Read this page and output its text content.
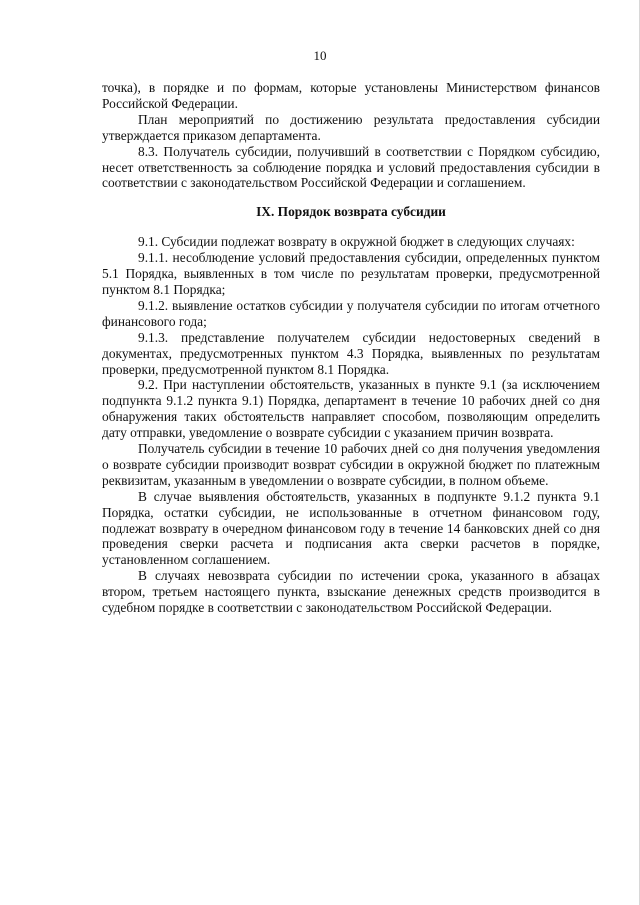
10

точка), в порядке и по формам, которые установлены Министерством финансов Российской Федерации.

План мероприятий по достижению результата предоставления субсидии утверждается приказом департамента.

8.3. Получатель субсидии, получивший в соответствии с Порядком субсидию, несет ответственность за соблюдение порядка и условий предоставления субсидии в соответствии с законодательством Российской Федерации и соглашением.

IX. Порядок возврата субсидии

9.1. Субсидии подлежат возврату в окружной бюджет в следующих случаях:

9.1.1. несоблюдение условий предоставления субсидии, определенных пунктом 5.1 Порядка, выявленных в том числе по результатам проверки, предусмотренной пунктом 8.1 Порядка;

9.1.2. выявление остатков субсидии у получателя субсидии по итогам отчетного финансового года;

9.1.3. представление получателем субсидии недостоверных сведений в документах, предусмотренных пунктом 4.3 Порядка, выявленных по результатам проверки, предусмотренной пунктом 8.1 Порядка.

9.2. При наступлении обстоятельств, указанных в пункте 9.1 (за исключением подпункта 9.1.2 пункта 9.1) Порядка, департамент в течение 10 рабочих дней со дня обнаружения таких обстоятельств направляет способом, позволяющим определить дату отправки, уведомление о возврате субсидии с указанием причин возврата.

Получатель субсидии в течение 10 рабочих дней со дня получения уведомления о возврате субсидии производит возврат субсидии в окружной бюджет по платежным реквизитам, указанным в уведомлении о возврате субсидии, в полном объеме.

В случае выявления обстоятельств, указанных в подпункте 9.1.2 пункта 9.1 Порядка, остатки субсидии, не использованные в отчетном финансовом году, подлежат возврату в очередном финансовом году в течение 14 банковских дней со дня проведения сверки расчета и подписания акта сверки расчетов в порядке, установленном соглашением.

В случаях невозврата субсидии по истечении срока, указанного в абзацах втором, третьем настоящего пункта, взыскание денежных средств производится в судебном порядке в соответствии с законодательством Российской Федерации.
